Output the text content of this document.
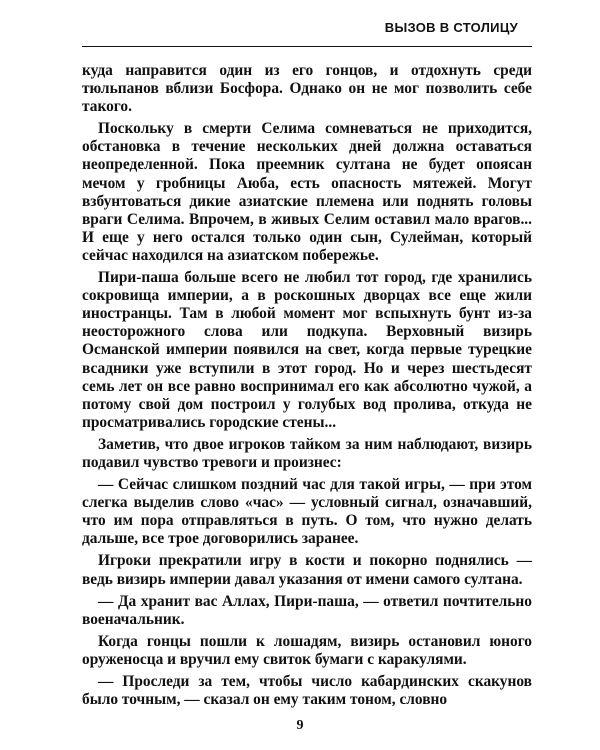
ВЫЗОВ В СТОЛИЦУ

куда направится один из его гонцов, и отдохнуть среди тюльпанов вблизи Босфора. Однако он не мог позволить себе такого.

Поскольку в смерти Селима сомневаться не приходится, обстановка в течение нескольких дней должна оставаться неопределенной. Пока преемник султана не будет опоясан мечом у гробницы Аюба, есть опасность мятежей. Могут взбунтоваться дикие азиатские племена или поднять головы враги Селима. Впрочем, в живых Селим оставил мало врагов... И еще у него остался только один сын, Сулейман, который сейчас находился на азиатском побережье.

Пири-паша больше всего не любил тот город, где хранились сокровища империи, а в роскошных дворцах все еще жили иностранцы. Там в любой момент мог вспыхнуть бунт из-за неосторожного слова или подкупа. Верховный визирь Османской империи появился на свет, когда первые турецкие всадники уже вступили в этот город. Но и через шестьдесят семь лет он все равно воспринимал его как абсолютно чужой, а потому свой дом построил у голубых вод пролива, откуда не просматривались городские стены...

Заметив, что двое игроков тайком за ним наблюдают, визирь подавил чувство тревоги и произнес:

— Сейчас слишком поздний час для такой игры, — при этом слегка выделив слово «час» — условный сигнал, означавший, что им пора отправляться в путь. О том, что нужно делать дальше, все трое договорились заранее.

Игроки прекратили игру в кости и покорно поднялись — ведь визирь империи давал указания от имени самого султана.

— Да хранит вас Аллах, Пири-паша, — ответил почтительно военачальник.

Когда гонцы пошли к лошадям, визирь остановил юного оруженосца и вручил ему свиток бумаги с каракулями.

— Проследи за тем, чтобы число кабардинских скакунов было точным, — сказал он ему таким тоном, словно

9
